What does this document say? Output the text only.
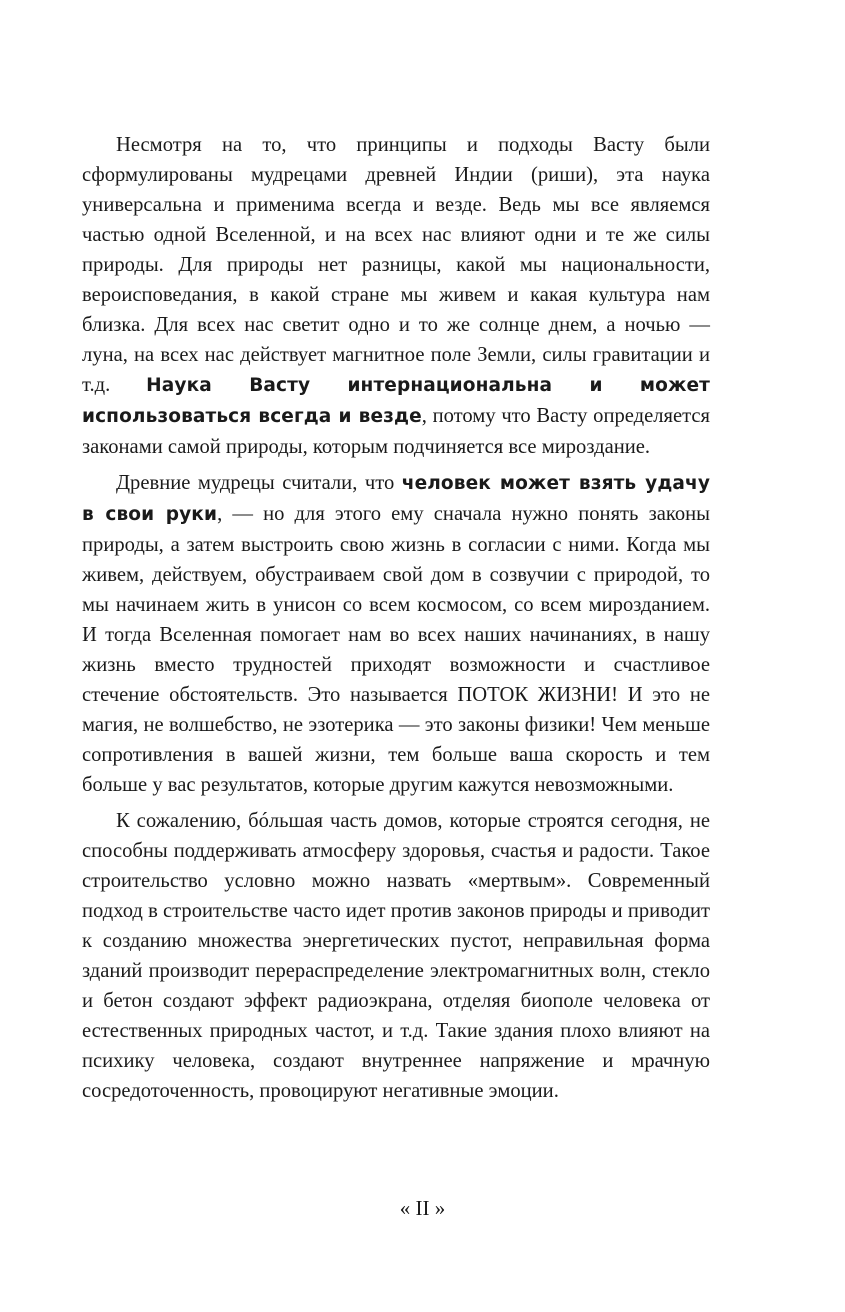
Несмотря на то, что принципы и подходы Васту были сформулированы мудрецами древней Индии (риши), эта наука универсальна и применима всегда и везде. Ведь мы все являемся частью одной Вселенной, и на всех нас влияют одни и те же силы природы. Для природы нет разницы, какой мы национальности, вероисповедания, в какой стране мы живем и какая культура нам близка. Для всех нас светит одно и то же солнце днем, а ночью — луна, на всех нас действует магнитное поле Земли, силы гравитации и т.д. Наука Васту интернациональна и может использоваться всегда и везде, потому что Васту определяется законами самой природы, которым подчиняется все мироздание.

Древние мудрецы считали, что человек может взять удачу в свои руки, — но для этого ему сначала нужно понять законы природы, а затем выстроить свою жизнь в согласии с ними. Когда мы живем, действуем, обустраиваем свой дом в созвучии с природой, то мы начинаем жить в унисон со всем космосом, со всем мирозданием. И тогда Вселенная помогает нам во всех наших начинаниях, в нашу жизнь вместо трудностей приходят возможности и счастливое стечение обстоятельств. Это называется ПОТОК ЖИЗНИ! И это не магия, не волшебство, не эзотерика — это законы физики! Чем меньше сопротивления в вашей жизни, тем больше ваша скорость и тем больше у вас результатов, которые другим кажутся невозможными.

К сожалению, бóльшая часть домов, которые строятся сегодня, не способны поддерживать атмосферу здоровья, счастья и радости. Такое строительство условно можно назвать «мертвым». Современный подход в строительстве часто идет против законов природы и приводит к созданию множества энергетических пустот, неправильная форма зданий производит перераспределение электромагнитных волн, стекло и бетон создают эффект радиоэкрана, отделяя биополе человека от естественных природных частот, и т.д. Такие здания плохо влияют на психику человека, создают внутреннее напряжение и мрачную сосредоточенность, провоцируют негативные эмоции.

« II »
